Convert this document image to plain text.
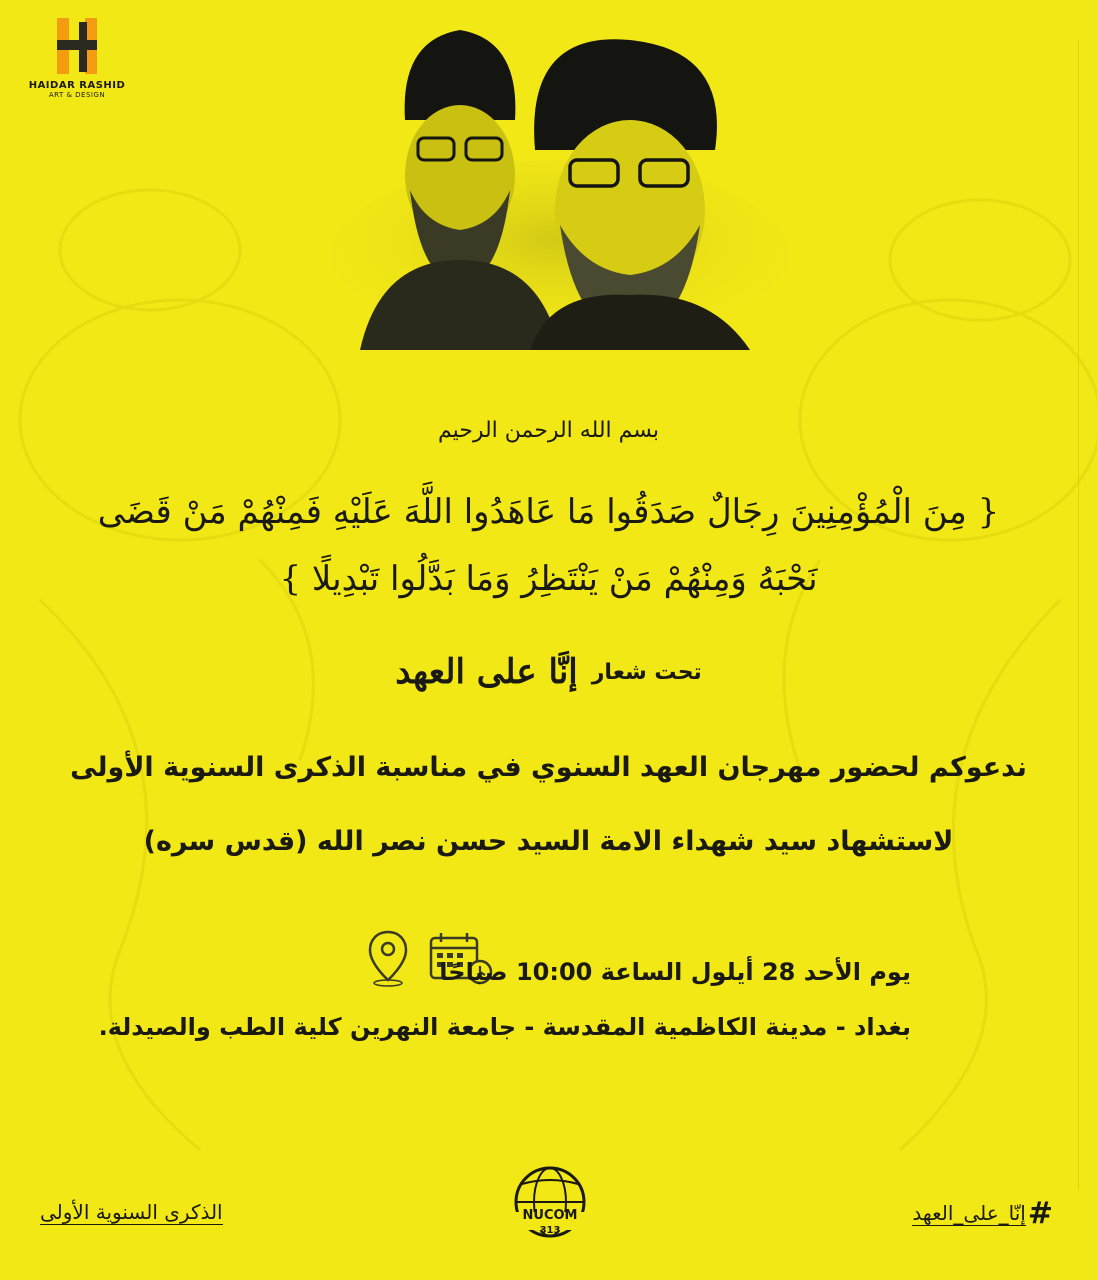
HAIDAR RASHID
ART & DESIGN
بسم الله الرحمن الرحيم
{ مِنَ الْمُؤْمِنِينَ رِجَالٌ صَدَقُوا مَا عَاهَدُوا اللَّهَ عَلَيْهِ فَمِنْهُمْ مَنْ قَضَى
نَحْبَهُ وَمِنْهُمْ مَنْ يَنْتَظِرُ وَمَا بَدَّلُوا تَبْدِيلًا }
تحت شعار
إنَّا على العهد
ندعوكم لحضور مهرجان العهد السنوي في مناسبة الذكرى السنوية الأولى
لاستشهاد سيد شهداء الامة السيد حسن نصر الله (قدس سره)
يوم الأحد 28 أيلول الساعة 10:00 صباحًا
بغداد - مدينة الكاظمية المقدسة - جامعة النهرين كلية الطب والصيدلة.
الذكرى السنوية الأولى	NUCOM
313	#
إنّا_على_العهد
